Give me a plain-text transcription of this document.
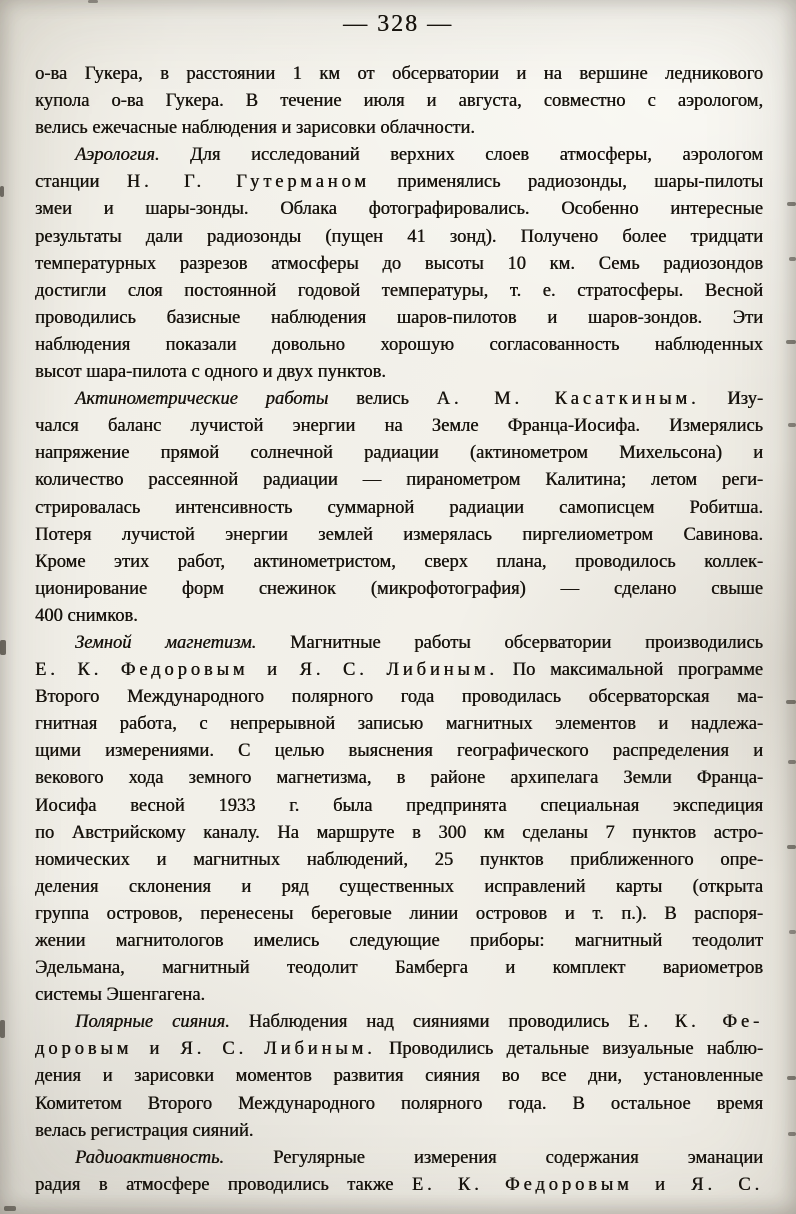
— 328 —
о-ва Гукера, в расстоянии 1 км от обсерватории и на вершине ледникового
купола о-ва Гукера. В течение июля и августа, совместно с аэрологом,
велись ежечасные наблюдения и зарисовки облачности.
Аэрология. Для исследований верхних слоев атмосферы, аэрологом
станции Н. Г. Гутерманом применялись радиозонды, шары-пилоты
змеи и шары-зонды. Облака фотографировались. Особенно интересные
результаты дали радиозонды (пущен 41 зонд). Получено более тридцати
температурных разрезов атмосферы до высоты 10 км. Семь радиозондов
достигли слоя постоянной годовой температуры, т. е. стратосферы. Весной
проводились базисные наблюдения шаров-пилотов и шаров-зондов. Эти
наблюдения показали довольно хорошую согласованность наблюденных
высот шара-пилота с одного и двух пунктов.
Актинометрические работы велись А. М. Касаткиным. Изу-
чался баланс лучистой энергии на Земле Франца-Иосифа. Измерялись
напряжение прямой солнечной радиации (актинометром Михельсона) и
количество рассеянной радиации — пиранометром Калитина; летом реги-
стрировалась интенсивность суммарной радиации самописцем Робитша.
Потеря лучистой энергии землей измерялась пиргелиометром Савинова.
Кроме этих работ, актинометристом, сверх плана, проводилось коллек-
ционирование форм снежинок (микрофотография) — сделано свыше
400 снимков.
Земной магнетизм. Магнитные работы обсерватории производились
Е. К. Федоровым и Я. С. Либиным. По максимальной программе
Второго Международного полярного года проводилась обсерваторская ма-
гнитная работа, с непрерывной записью магнитных элементов и надлежа-
щими измерениями. С целью выяснения географического распределения и
векового хода земного магнетизма, в районе архипелага Земли Франца-
Иосифа весной 1933 г. была предпринята специальная экспедиция
по Австрийскому каналу. На маршруте в 300 км сделаны 7 пунктов астро-
номических и магнитных наблюдений, 25 пунктов приближенного опре-
деления склонения и ряд существенных исправлений карты (открыта
группа островов, перенесены береговые линии островов и т. п.). В распоря-
жении магнитологов имелись следующие приборы: магнитный теодолит
Эдельмана, магнитный теодолит Бамберга и комплект вариометров
системы Эшенгагена.
Полярные сияния. Наблюдения над сияниями проводились Е. К. Фе-
доровым и Я. С. Либиным. Проводились детальные визуальные наблю-
дения и зарисовки моментов развития сияния во все дни, установленные
Комитетом Второго Международного полярного года. В остальное время
велась регистрация сияний.
Радиоактивность. Регулярные измерения содержания эманации
радия в атмосфере проводились также Е. К. Федоровым и Я. С.
